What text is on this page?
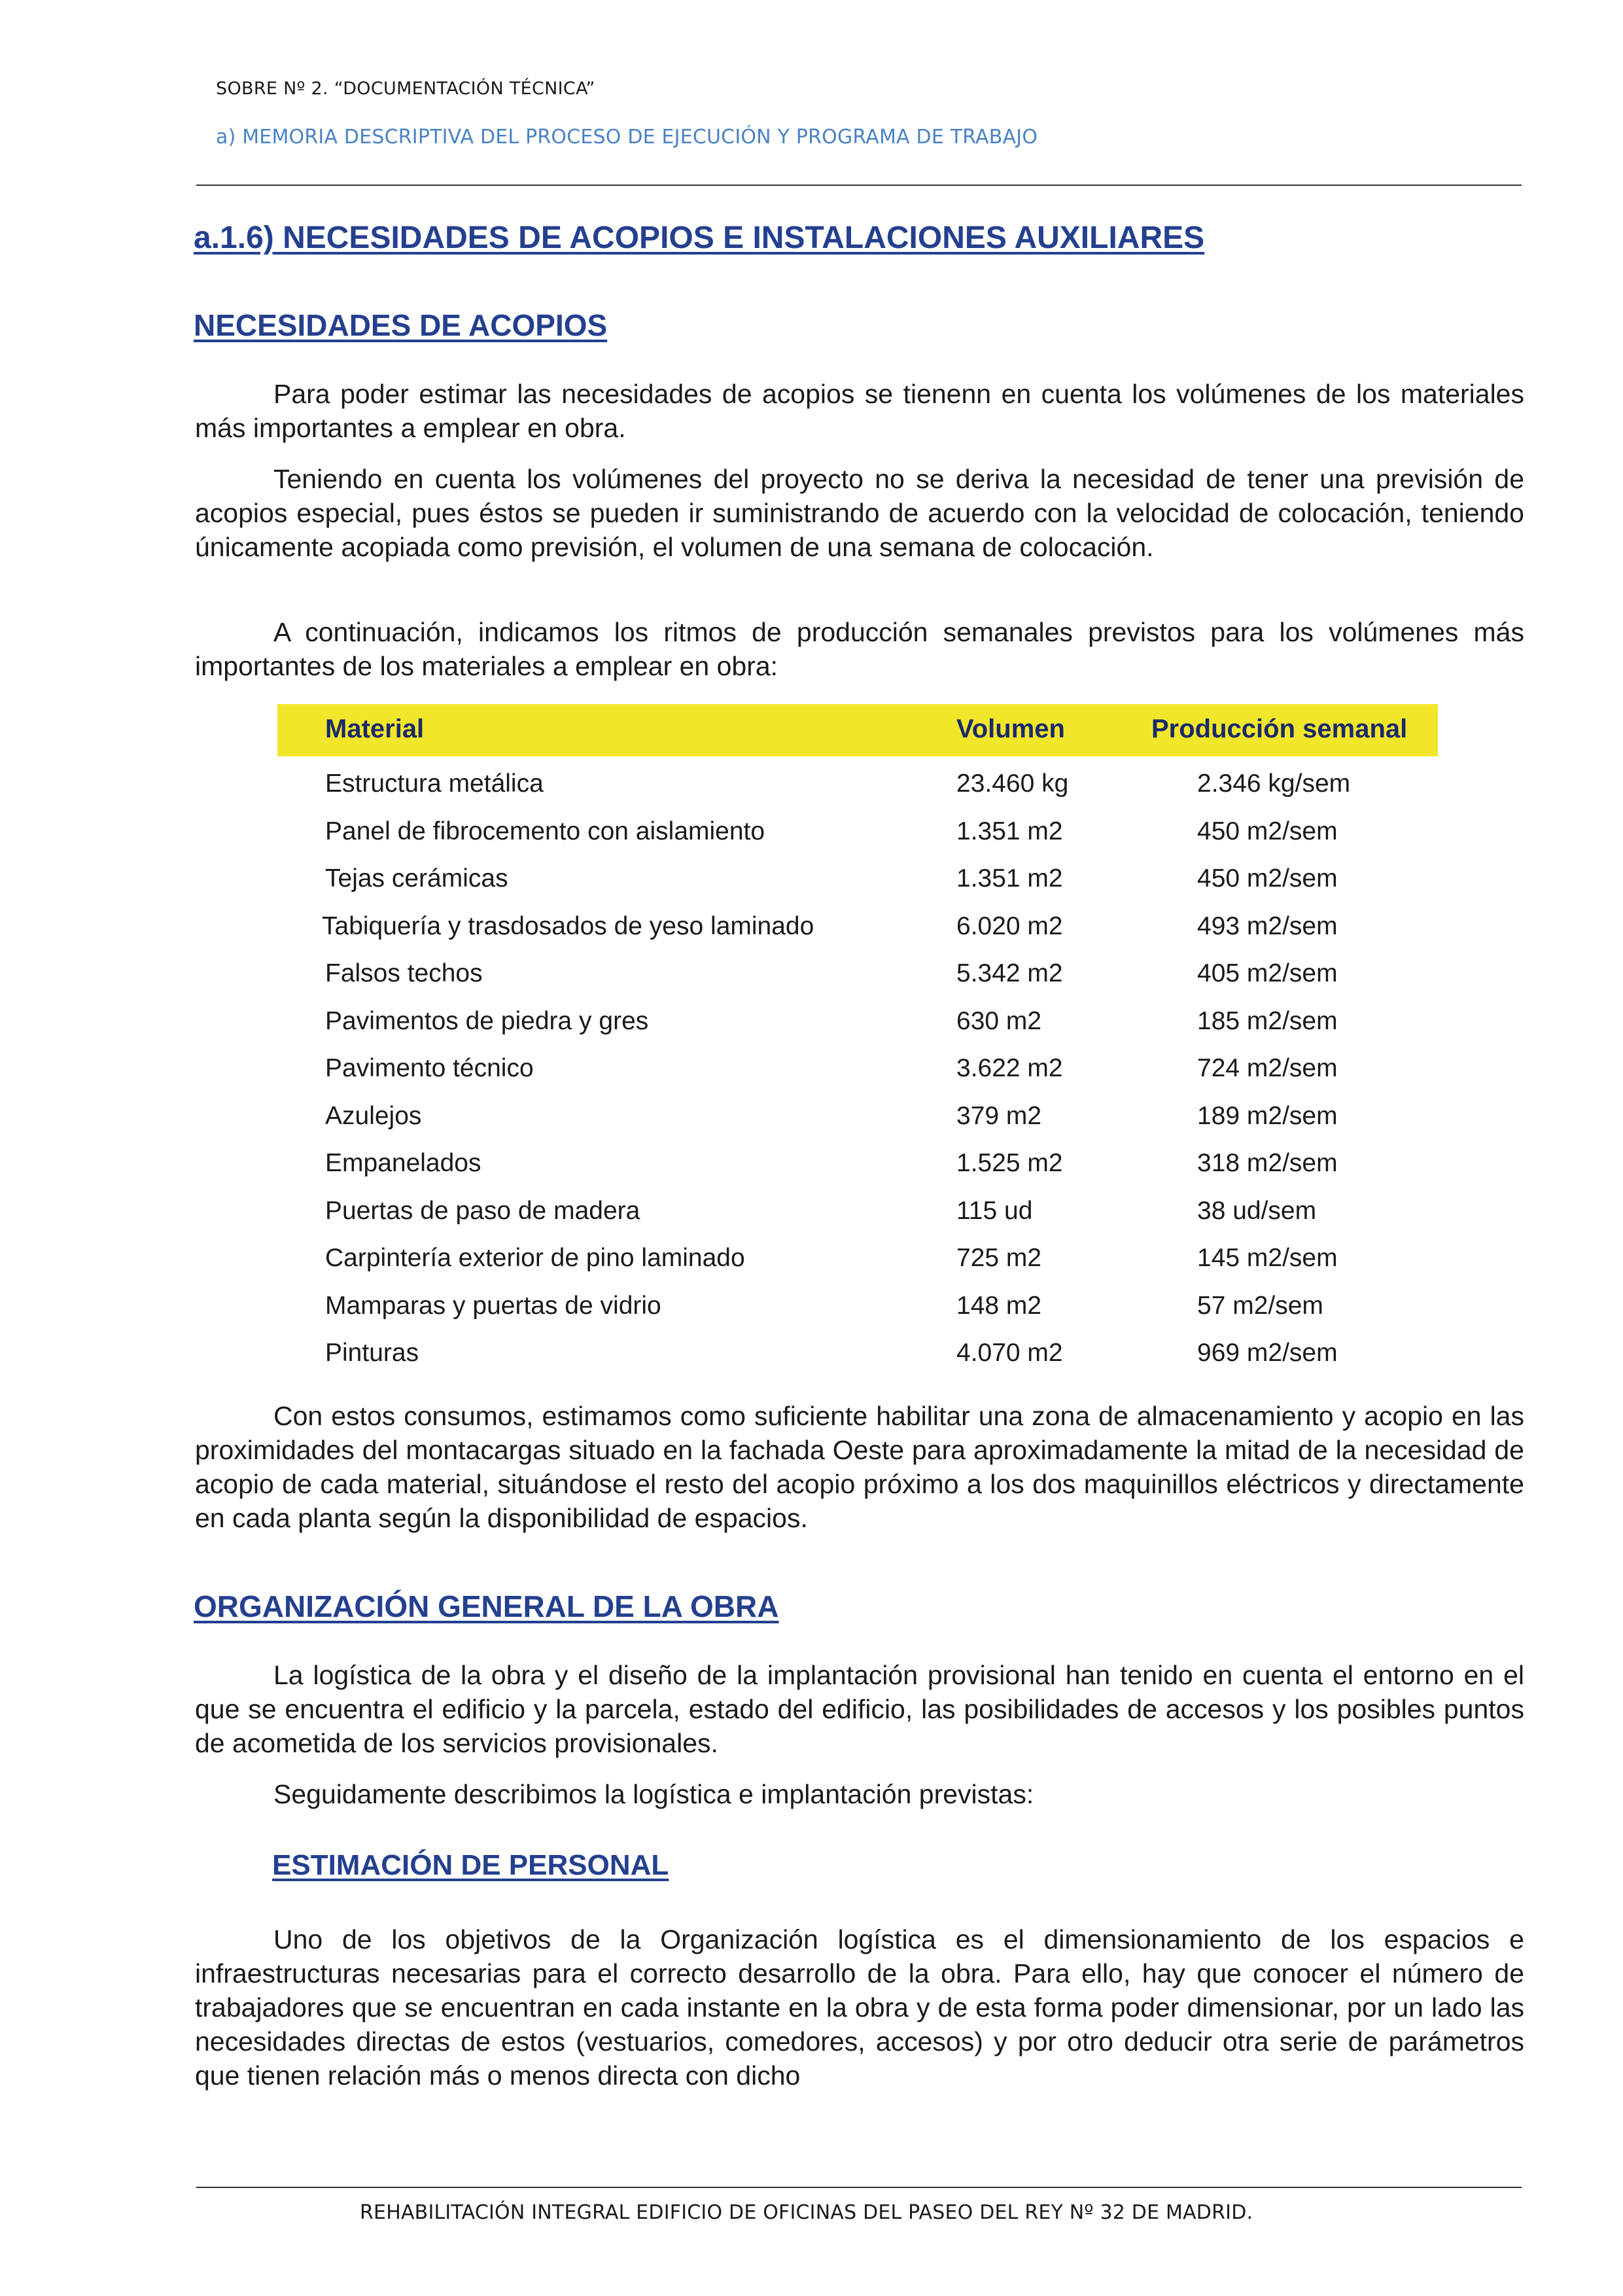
SOBRE Nº 2. “DOCUMENTACIÓN TÉCNICA”
a) MEMORIA DESCRIPTIVA DEL PROCESO DE EJECUCIÓN Y PROGRAMA DE TRABAJO
a.1.6) NECESIDADES DE ACOPIOS E INSTALACIONES AUXILIARES
NECESIDADES DE ACOPIOS

Para poder estimar las necesidades de acopios se tienenn en cuenta los volúmenes de los materiales más importantes a emplear en obra.

Teniendo en cuenta los volúmenes del proyecto no se deriva la necesidad de tener una previsión de acopios especial, pues éstos se pueden ir suministrando de acuerdo con la velocidad de colocación, teniendo únicamente acopiada como previsión, el volumen de una semana de colocación.

A continuación, indicamos los ritmos de producción semanales previstos para los volúmenes más importantes de los materiales a emplear en obra:

Material	Volumen	Producción semanal
Estructura metálica	23.460 kg	2.346 kg/sem
Panel de fibrocemento con aislamiento	1.351 m2	450 m2/sem
Tejas cerámicas	1.351 m2	450 m2/sem
Tabiquería y trasdosados de yeso laminado	6.020 m2	493 m2/sem
Falsos techos	5.342 m2	405 m2/sem
Pavimentos de piedra y gres	630 m2	185 m2/sem
Pavimento técnico	3.622 m2	724 m2/sem
Azulejos	379 m2	189 m2/sem
Empanelados	1.525 m2	318 m2/sem
Puertas de paso de madera	115 ud	38 ud/sem
Carpintería exterior de pino laminado	725 m2	145 m2/sem
Mamparas y puertas de vidrio	148 m2	57 m2/sem
Pinturas	4.070 m2	969 m2/sem

Con estos consumos, estimamos como suficiente habilitar una zona de almacenamiento y acopio en las proximidades del montacargas situado en la fachada Oeste para aproximadamente la mitad de la necesidad de acopio de cada material, situándose el resto del acopio próximo a los dos maquinillos eléctricos y directamente en cada planta según la disponibilidad de espacios.

ORGANIZACIÓN GENERAL DE LA OBRA

La logística de la obra y el diseño de la implantación provisional han tenido en cuenta el entorno en el que se encuentra el edificio y la parcela, estado del edificio, las posibilidades de accesos y los posibles puntos de acometida de los servicios provisionales.

Seguidamente describimos la logística e implantación previstas:

ESTIMACIÓN DE PERSONAL

Uno de los objetivos de la Organización logística es el dimensionamiento de los espacios e infraestructuras necesarias para el correcto desarrollo de la obra. Para ello, hay que conocer el número de trabajadores que se encuentran en cada instante en la obra y de esta forma poder dimensionar, por un lado las necesidades directas de estos (vestuarios, comedores, accesos) y por otro deducir otra serie de parámetros que tienen relación más o menos directa con dicho

REHABILITACIÓN INTEGRAL EDIFICIO DE OFICINAS DEL PASEO DEL REY Nº 32 DE MADRID.
